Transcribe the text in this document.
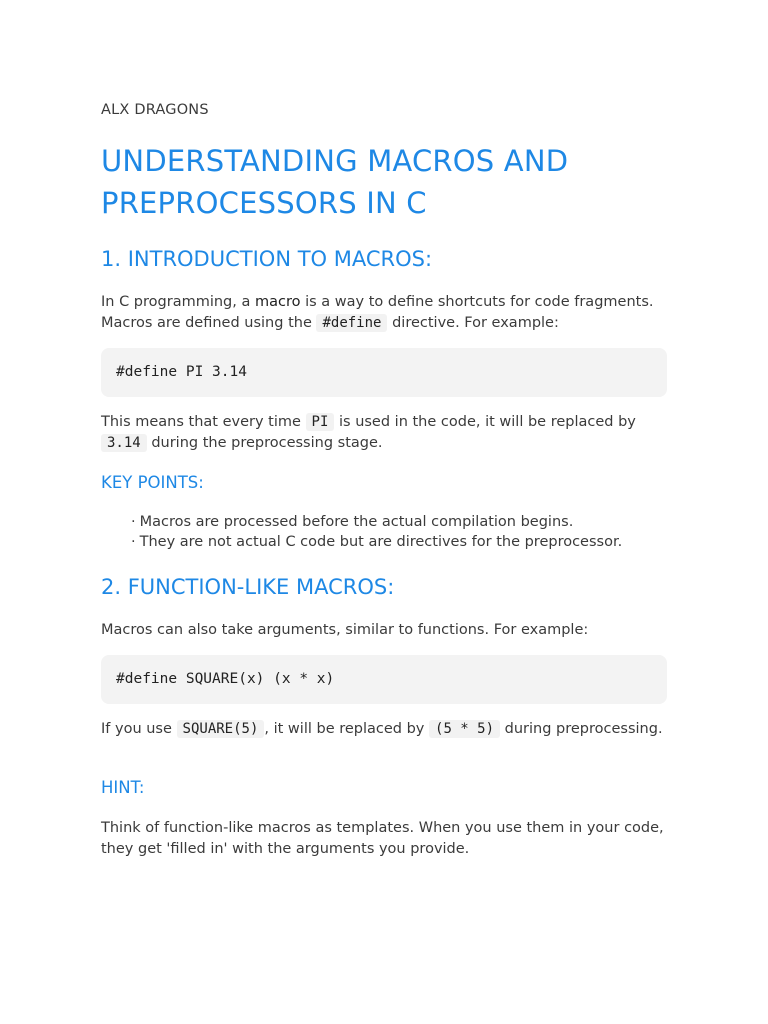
ALX DRAGONS
UNDERSTANDING MACROS AND PREPROCESSORS IN C
1. INTRODUCTION TO MACROS:

In C programming, a macro is a way to define shortcuts for code fragments. Macros are defined using the #define directive. For example:

#define PI 3.14

This means that every time PI is used in the code, it will be replaced by 3.14 during the preprocessing stage.

KEY POINTS:
· Macros are processed before the actual compilation begins.
· They are not actual C code but are directives for the preprocessor.
2. FUNCTION-LIKE MACROS:

Macros can also take arguments, similar to functions. For example:

#define SQUARE(x) (x * x)

If you use SQUARE(5) , it will be replaced by (5 * 5) during preprocessing.

HINT:

Think of function-like macros as templates. When you use them in your code, they get 'filled in' with the arguments you provide.
